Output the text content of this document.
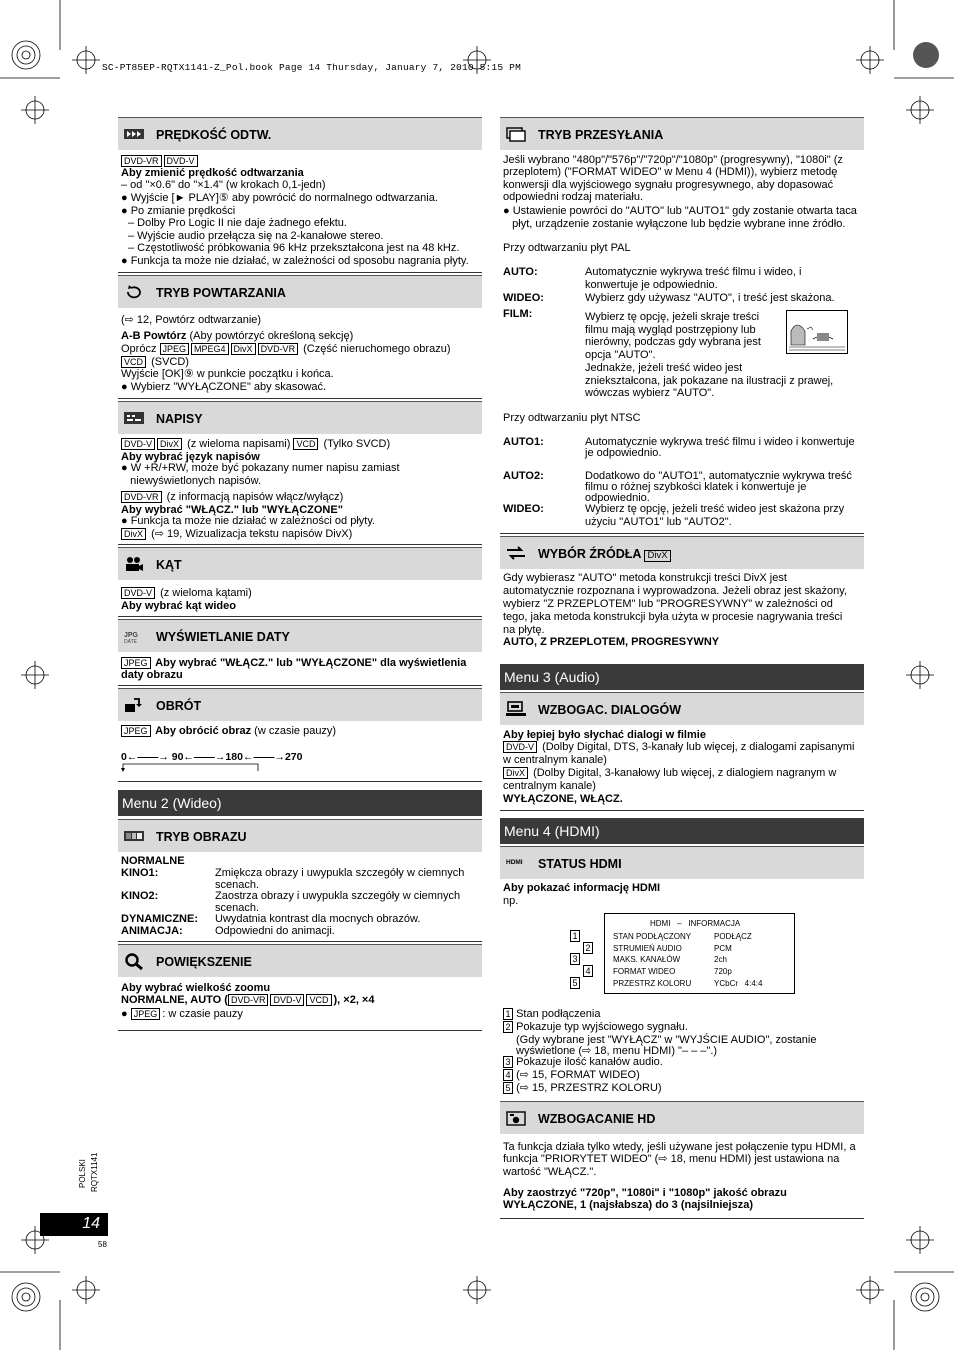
SC-PT85EP-RQTX1141-Z_Pol.book Page 14 Thursday, January 7, 2010 5:15 PM
POLSKI RQTX1141
14
58
PRĘDKOŚĆ ODTW.
DVD-VR DVD-V
Aby zmienić prędkość odtwarzania
– od "×0.6" do "×1.4" (w krokach 0,1-jedn)
● Wyjście [► PLAY]⑤ aby powrócić do normalnego odtwarzania.
● Po zmianie prędkości
– Dolby Pro Logic II nie daje żadnego efektu.
– Wyjście audio przełącza się na 2-kanałowe stereo.
– Częstotliwość próbkowania 96 kHz przekształcona jest na 48 kHz.
● Funkcja ta może nie działać, w zależności od sposobu nagrania płyty.
TRYB POWTARZANIA
(⇨ 12, Powtórz odtwarzanie)
A-B Powtórz (Aby powtórzyć określoną sekcję)
Oprócz JPEG MPEG4 DivX DVD-VR (Część nieruchomego obrazu)
VCD (SVCD)
Wyjście [OK]⑨ w punkcie początku i końca.
● Wybierz "WYŁĄCZONE" aby skasować.
NAPISY
DVD-V DivX (z wieloma napisami) VCD (Tylko SVCD)
Aby wybrać język napisów
● W +R/+RW, może być pokazany numer napisu zamiast
niewyświetlonych napisów.
DVD-VR (z informacją napisów włącz/wyłącz)
Aby wybrać "WŁĄCZ." lub "WYŁĄCZONE"
● Funkcja ta może nie działać w zależności od płyty.
DivX (⇨ 19, Wizualizacja tekstu napisów DivX)
KĄT
DVD-V (z wieloma kątami)
Aby wybrać kąt wideo
JPG
DATE	WYŚWIETLANIE DATY
JPEG Aby wybrać "WŁĄCZ." lub "WYŁĄCZONE" dla wyświetlenia
daty obrazu
OBRÓT
JPEG Aby obrócić obraz (w czasie pauzy)
0←——→ 90←——→180←——→270
Menu 2 (Wideo)
TRYB OBRAZU
NORMALNE
KINO1:	Zmiękcza obrazy i uwypukla szczegóły w ciemnych
scenach.
KINO2:	Zaostrza obrazy i uwypukla szczegóły w ciemnych
scenach.
DYNAMICZNE: Uwydatnia kontrast dla mocnych obrazów.
ANIMACJA:	Odpowiedni do animacji.
POWIĘKSZENIE
Aby wybrać wielkość zoomu
NORMALNE, AUTO ( DVD-VR DVD-V VCD ), ×2, ×4
● JPEG : w czasie pauzy
TRYB PRZESYŁANIA
Jeśli wybrano "480p"/"576p"/"720p"/"1080p" (progresywny), "1080i" (z
przeplotem) ("FORMAT WIDEO" w Menu 4 (HDMI)), wybierz metodę
konwersji dla wyjściowego sygnału progresywnego, aby dopasować
odpowiedni rodzaj materiału.
● Ustawienie powróci do "AUTO" lub "AUTO1" gdy zostanie otwarta taca
płyt, urządzenie zostanie wyłączone lub będzie wybrane inne źródło.
Przy odtwarzaniu płyt PAL
AUTO:	Automatycznie wykrywa treść filmu i wideo, i
konwertuje je odpowiednio.
WIDEO:	Wybierz gdy używasz "AUTO", i treść jest skażona.
FILM:	Wybierz tę opcję, jeżeli skraje treści
filmu mają wygląd postrzępiony lub
nierówny, podczas gdy wybrana jest
opcja "AUTO".
Jednakże, jeżeli treść wideo jest
zniekształcona, jak pokazane na ilustracji z prawej,
wówczas wybierz "AUTO".
Przy odtwarzaniu płyt NTSC
AUTO1:	Automatycznie wykrywa treść filmu i wideo i konwertuje
je odpowiednio.
AUTO2:	Dodatkowo do "AUTO1", automatycznie wykrywa treść
filmu o różnej szybkości klatek i konwertuje je
odpowiednio.
WIDEO:	Wybierz tę opcję, jeżeli treść wideo jest skażona przy
użyciu "AUTO1" lub "AUTO2".
WYBÓR ŹRÓDŁA DivX
Gdy wybierasz "AUTO" metoda konstrukcji treści DivX jest
automatycznie rozpoznana i wyprowadzona. Jeżeli obraz jest skażony,
wybierz "Z PRZEPLOTEM" lub "PROGRESYWNY" w zależności od
tego, jaka metoda konstrukcji była użyta w procesie nagrywania treści
na płytę.
AUTO, Z PRZEPLOTEM, PROGRESYWNY
Menu 3 (Audio)
WZBOGAC. DIALOGÓW
Aby łepiej było słychać dialogi w filmie
DVD-V (Dolby Digital, DTS, 3-kanały lub więcej, z dialogami zapisanymi
w centralnym kanale)
DivX (Dolby Digital, 3-kanałowy lub więcej, z dialogiem nagranym w
centralnym kanale)
WYŁĄCZONE, WŁĄCZ.
Menu 4 (HDMI)
HDMI STATUS HDMI
Aby pokazać informację HDMI
np.
HDMI   –   INFORMACJA
1	STAN PODŁĄCZONY	PODŁĄCZ
2	STRUMIEŃ AUDIO	PCM
3	MAKS. KANAŁÓW	2ch
4	FORMAT WIDEO	720p
5	PRZESTRZ KOLORU	YCbCr   4:4:4
1 Stan podłączenia
2 Pokazuje typ wyjściowego sygnału.
(Gdy wybrane jest "WYŁĄCZ" w "WYJŚCIE AUDIO", zostanie
wyświetlone (⇨ 18, menu HDMI) "– – –".)
3 Pokazuje ilość kanałów audio.
4 (⇨ 15, FORMAT WIDEO)
5 (⇨ 15, PRZESTRZ KOLORU)
WZBOGACANIE HD
Ta funkcja działa tylko wtedy, jeśli używane jest połączenie typu HDMI, a
funkcja "PRIORYTET WIDEO" (⇨ 18, menu HDMI) jest ustawiona na
wartość "WŁĄCZ.".
Aby zaostrzyć "720p", "1080i" i "1080p" jakość obrazu
WYŁĄCZONE, 1 (najsłabsza) do 3 (najsilniejsza)
